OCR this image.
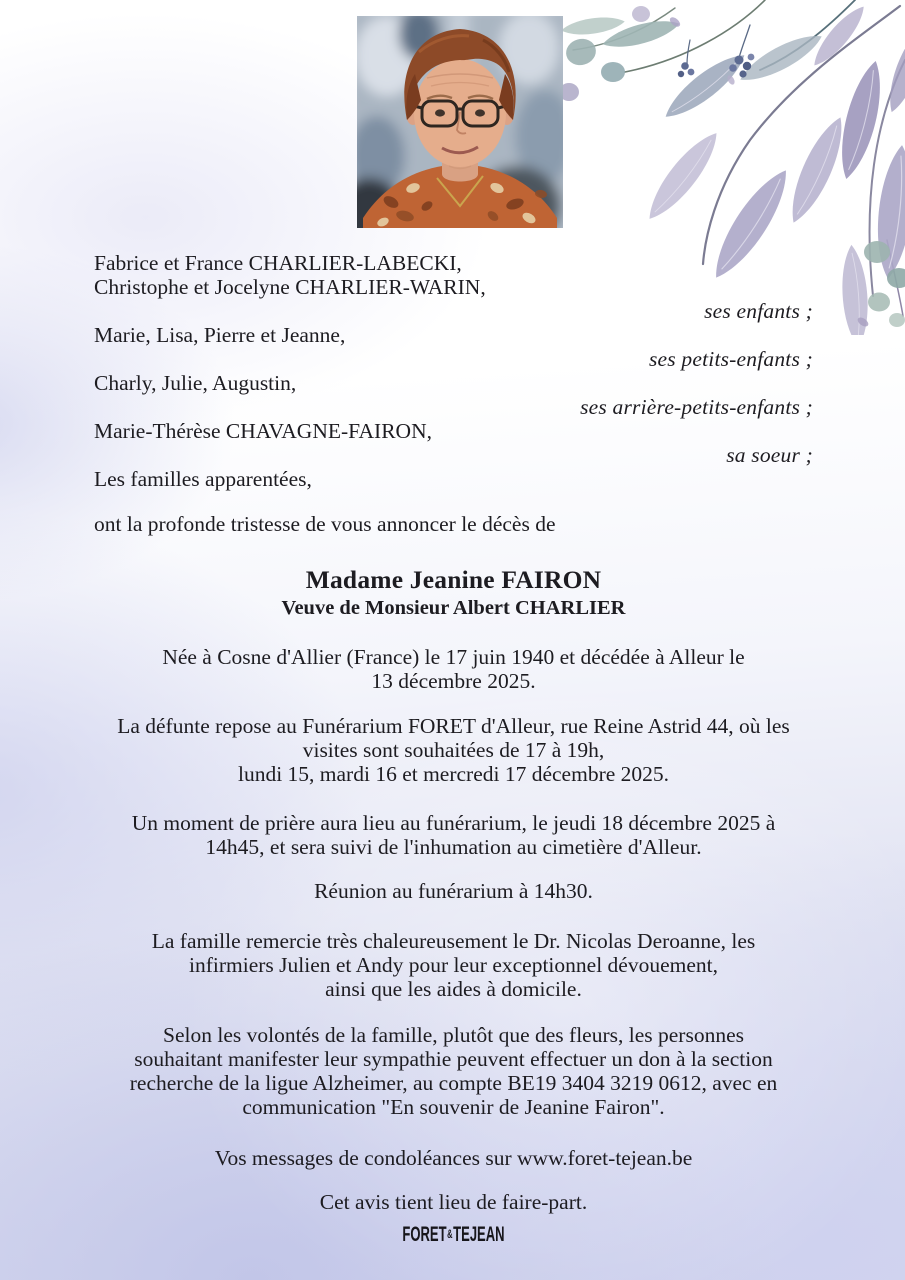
Fabrice et France CHARLIER-LABECKI,
Christophe et Jocelyne CHARLIER-WARIN,
ses enfants ;
Marie, Lisa, Pierre et Jeanne,
ses petits-enfants ;
Charly, Julie, Augustin,
ses arrière-petits-enfants ;
Marie-Thérèse CHAVAGNE-FAIRON,
sa soeur ;
Les familles apparentées,
ont la profonde tristesse de vous annoncer le décès de
Madame Jeanine FAIRON
Veuve de Monsieur Albert CHARLIER
Née à Cosne d'Allier (France) le 17 juin 1940 et décédée à Alleur le
13 décembre 2025.
La défunte repose au Funérarium FORET d'Alleur, rue Reine Astrid 44, où les
visites sont souhaitées de 17 à 19h,
lundi 15, mardi 16 et mercredi 17 décembre 2025.
Un moment de prière aura lieu au funérarium, le jeudi 18 décembre 2025 à
14h45, et sera suivi de l'inhumation au cimetière d'Alleur.
Réunion au funérarium à 14h30.
La famille remercie très chaleureusement le Dr. Nicolas Deroanne, les
infirmiers Julien et Andy pour leur exceptionnel dévouement,
ainsi que les aides à domicile.
Selon les volontés de la famille, plutôt que des fleurs, les personnes
souhaitant manifester leur sympathie peuvent effectuer un don à la section
recherche de la ligue Alzheimer, au compte BE19 3404 3219 0612, avec en
communication "En souvenir de Jeanine Fairon".
Vos messages de condoléances sur www.foret-tejean.be
Cet avis tient lieu de faire-part.
FORET&TEJEAN
